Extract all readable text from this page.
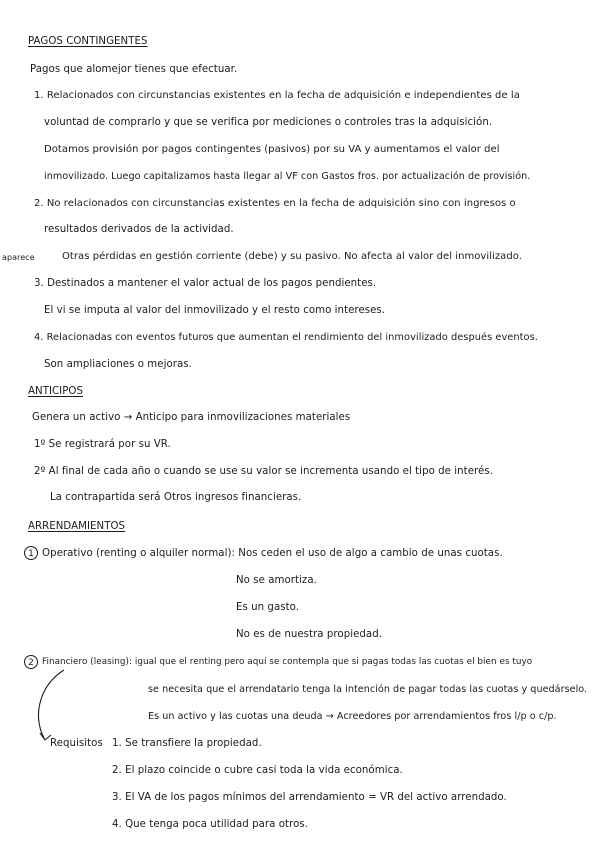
PAGOS CONTINGENTES
Pagos que alomejor tienes que efectuar.
1. Relacionados con circunstancias existentes en la fecha de adquisición e independientes de la
voluntad de comprarlo y que se verifica por mediciones o controles tras la adquisición.
Dotamos provisión por pagos contingentes (pasivos) por su VA y aumentamos el valor del
inmovilizado. Luego capitalizamos hasta llegar al VF con Gastos fros. por actualización de provisión.
2. No relacionados con circunstancias existentes en la fecha de adquisición sino con ingresos o
resultados derivados de la actividad.
aparece	Otras pérdidas en gestión corriente (debe) y su pasivo. No afecta al valor del inmovilizado.
3. Destinados a mantener el valor actual de los pagos pendientes.
El vi se imputa al valor del inmovilizado y el resto como intereses.
4. Relacionadas con eventos futuros que aumentan el rendimiento del inmovilizado después eventos.
Son ampliaciones o mejoras.
ANTICIPOS
Genera un activo → Anticipo para inmovilizaciones materiales
1º Se registrará por su VR.
2º Al final de cada año o cuando se use su valor se incrementa usando el tipo de interés.
La contrapartida será Otros ingresos financieras.
ARRENDAMIENTOS
1 Operativo (renting o alquiler normal): Nos ceden el uso de algo a cambio de unas cuotas.
No se amortiza.
Es un gasto.
No es de nuestra propiedad.
2 Financiero (leasing): igual que el renting pero aquí se contempla que si pagas todas las cuotas el bien es tuyo
se necesita que el arrendatario tenga la intención de pagar todas las cuotas y quedárselo.
Es un activo y las cuotas una deuda → Acreedores por arrendamientos fros l/p o c/p.
Requisitos 1. Se transfiere la propiedad.
2. El plazo coincide o cubre casi toda la vida económica.
3. El VA de los pagos mínimos del arrendamiento = VR del activo arrendado.
4. Que tenga poca utilidad para otros.
